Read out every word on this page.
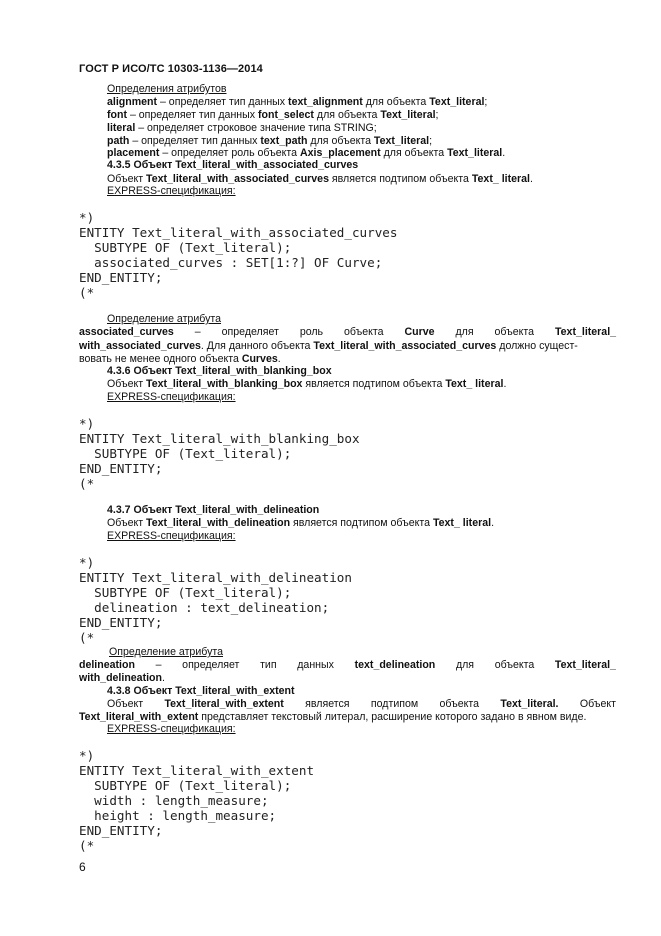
ГОСТ Р ИСО/ТС 10303-1136—2014
Определения атрибутов
alignment – определяет тип данных text_alignment для объекта Text_literal;
font – определяет тип данных font_select для объекта Text_literal;
literal – определяет строковое значение типа STRING;
path – определяет тип данных text_path для объекта Text_literal;
placement – определяет роль объекта Axis_placement для объекта Text_literal.
4.3.5 Объект Text_literal_with_associated_curves
Объект Text_literal_with_associated_curves является подтипом объекта Text_ literal.
EXPRESS-спецификация:
*)
ENTITY Text_literal_with_associated_curves
SUBTYPE OF (Text_literal);
associated_curves : SET[1:?] OF Curve;
END_ENTITY;
(*
Определение атрибута
associated_curves – определяет роль объекта Curve для объекта Text_literal_
with_associated_curves. Для данного объекта Text_literal_with_associated_curves должно сущест-
вовать не менее одного объекта Curves.
4.3.6 Объект Text_literal_with_blanking_box
Объект Text_literal_with_blanking_box является подтипом объекта Text_ literal.
EXPRESS-спецификация:
*)
ENTITY Text_literal_with_blanking_box
SUBTYPE OF (Text_literal);
END_ENTITY;
(*
4.3.7 Объект Text_literal_with_delineation
Объект Text_literal_with_delineation является подтипом объекта Text_ literal.
EXPRESS-спецификация:
*)
ENTITY Text_literal_with_delineation
SUBTYPE OF (Text_literal);
delineation : text_delineation;
END_ENTITY;
(*
Определение атрибута
delineation – определяет тип данных text_delineation для объекта Text_literal_
with_delineation.
4.3.8 Объект Text_literal_with_extent
Объект Text_literal_with_extent является подтипом объекта Text_literal. Объект
Text_literal_with_extent представляет текстовый литерал, расширение которого задано в явном виде.
EXPRESS-спецификация:
*)
ENTITY Text_literal_with_extent
SUBTYPE OF (Text_literal);
width : length_measure;
height : length_measure;
END_ENTITY;
(*
6
